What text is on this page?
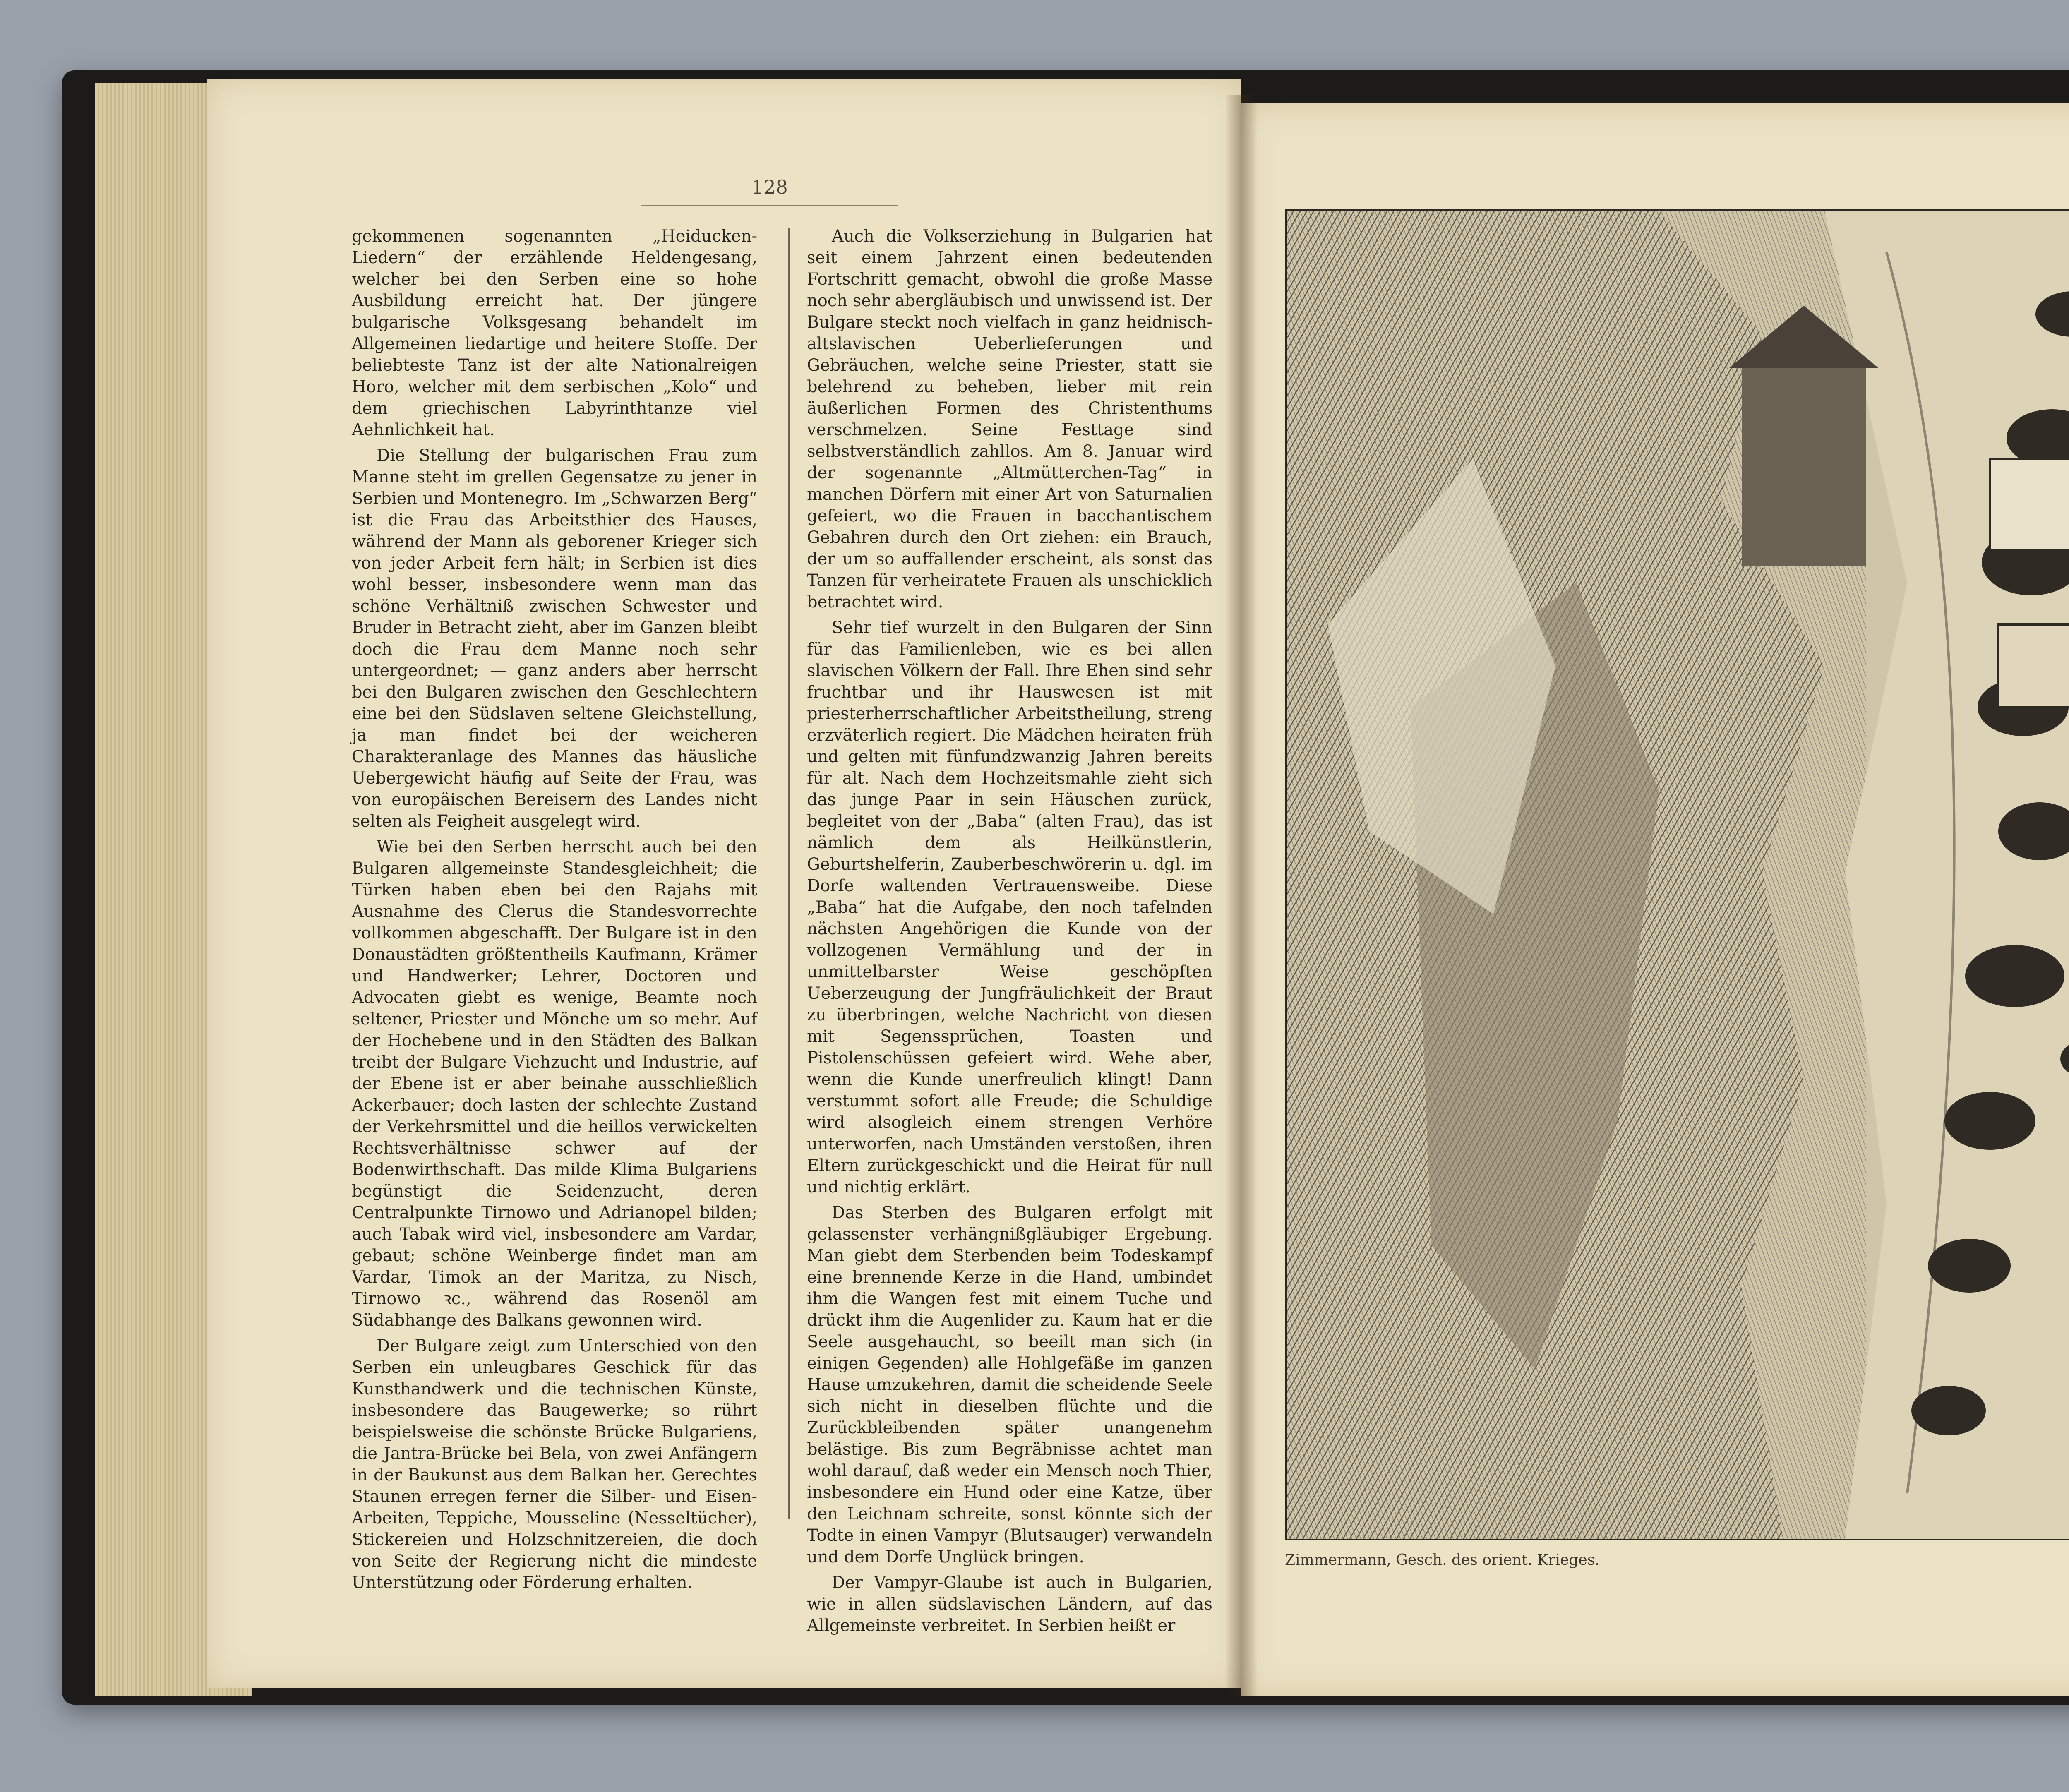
128

gekommenen sogenannten „Heiducken-Liedern“ der erzählende Heldengesang, welcher bei den Serben eine so hohe Ausbildung erreicht hat. Der jüngere bulgarische Volksgesang behandelt im Allgemeinen liedartige und heitere Stoffe. Der beliebteste Tanz ist der alte Nationalreigen Horo, welcher mit dem serbischen „Kolo“ und dem griechischen Labyrinthtanze viel Aehnlichkeit hat.

Die Stellung der bulgarischen Frau zum Manne steht im grellen Gegensatze zu jener in Serbien und Montenegro. Im „Schwarzen Berg“ ist die Frau das Arbeitsthier des Hauses, während der Mann als geborener Krieger sich von jeder Arbeit fern hält; in Serbien ist dies wohl besser, insbesondere wenn man das schöne Verhältniß zwischen Schwester und Bruder in Betracht zieht, aber im Ganzen bleibt doch die Frau dem Manne noch sehr untergeordnet; — ganz anders aber herrscht bei den Bulgaren zwischen den Geschlechtern eine bei den Südslaven seltene Gleichstellung, ja man findet bei der weicheren Charakteranlage des Mannes das häusliche Uebergewicht häufig auf Seite der Frau, was von europäischen Bereisern des Landes nicht selten als Feigheit ausgelegt wird.

Wie bei den Serben herrscht auch bei den Bulgaren allgemeinste Standesgleichheit; die Türken haben eben bei den Rajahs mit Ausnahme des Clerus die Standesvorrechte vollkommen abgeschafft. Der Bulgare ist in den Donaustädten größtentheils Kaufmann, Krämer und Handwerker; Lehrer, Doctoren und Advocaten giebt es wenige, Beamte noch seltener, Priester und Mönche um so mehr. Auf der Hochebene und in den Städten des Balkan treibt der Bulgare Viehzucht und Industrie, auf der Ebene ist er aber beinahe ausschließlich Ackerbauer; doch lasten der schlechte Zustand der Verkehrsmittel und die heillos verwickelten Rechtsverhältnisse schwer auf der Bodenwirthschaft. Das milde Klima Bulgariens begünstigt die Seidenzucht, deren Centralpunkte Tirnowo und Adrianopel bilden; auch Tabak wird viel, insbesondere am Vardar, gebaut; schöne Weinberge findet man am Vardar, Timok an der Maritza, zu Nisch, Tirnowo ꝛc., während das Rosenöl am Südabhange des Balkans gewonnen wird.

Der Bulgare zeigt zum Unterschied von den Serben ein unleugbares Geschick für das Kunsthandwerk und die technischen Künste, insbesondere das Baugewerke; so rührt beispielsweise die schönste Brücke Bulgariens, die Jantra-Brücke bei Bela, von zwei Anfängern in der Baukunst aus dem Balkan her. Gerechtes Staunen erregen ferner die Silber- und Eisen-Arbeiten, Teppiche, Mousseline (Nesseltücher), Stickereien und Holzschnitzereien, die doch von Seite der Regierung nicht die mindeste Unterstützung oder Förderung erhalten.

Auch die Volkserziehung in Bulgarien hat seit einem Jahrzent einen bedeutenden Fortschritt gemacht, obwohl die große Masse noch sehr abergläubisch und unwissend ist. Der Bulgare steckt noch vielfach in ganz heidnisch-altslavischen Ueberlieferungen und Gebräuchen, welche seine Priester, statt sie belehrend zu beheben, lieber mit rein äußerlichen Formen des Christenthums verschmelzen. Seine Festtage sind selbstverständlich zahllos. Am 8. Januar wird der sogenannte „Altmütterchen-Tag“ in manchen Dörfern mit einer Art von Saturnalien gefeiert, wo die Frauen in bacchantischem Gebahren durch den Ort ziehen: ein Brauch, der um so auffallender erscheint, als sonst das Tanzen für verheiratete Frauen als unschicklich betrachtet wird.

Sehr tief wurzelt in den Bulgaren der Sinn für das Familienleben, wie es bei allen slavischen Völkern der Fall. Ihre Ehen sind sehr fruchtbar und ihr Hauswesen ist mit priesterherrschaftlicher Arbeitstheilung, streng erzväterlich regiert. Die Mädchen heiraten früh und gelten mit fünfundzwanzig Jahren bereits für alt. Nach dem Hochzeitsmahle zieht sich das junge Paar in sein Häuschen zurück, begleitet von der „Baba“ (alten Frau), das ist nämlich dem als Heilkünstlerin, Geburtshelferin, Zauberbeschwörerin u. dgl. im Dorfe waltenden Vertrauensweibe. Diese „Baba“ hat die Aufgabe, den noch tafelnden nächsten Angehörigen die Kunde von der vollzogenen Vermählung und der in unmittelbarster Weise geschöpften Ueberzeugung der Jungfräulichkeit der Braut zu überbringen, welche Nachricht von diesen mit Segenssprüchen, Toasten und Pistolenschüssen gefeiert wird. Wehe aber, wenn die Kunde unerfreulich klingt! Dann verstummt sofort alle Freude; die Schuldige wird alsogleich einem strengen Verhöre unterworfen, nach Umständen verstoßen, ihren Eltern zurückgeschickt und die Heirat für null und nichtig erklärt.

Das Sterben des Bulgaren erfolgt mit gelassenster verhängnißgläubiger Ergebung. Man giebt dem Sterbenden beim Todeskampf eine brennende Kerze in die Hand, umbindet ihm die Wangen fest mit einem Tuche und drückt ihm die Augenlider zu. Kaum hat er die Seele ausgehaucht, so beeilt man sich (in einigen Gegenden) alle Hohlgefäße im ganzen Hause umzukehren, damit die scheidende Seele sich nicht in dieselben flüchte und die Zurückbleibenden später unangenehm belästige. Bis zum Begräbnisse achtet man wohl darauf, daß weder ein Mensch noch Thier, insbesondere ein Hund oder eine Katze, über den Leichnam schreite, sonst könnte sich der Todte in einen Vampyr (Blutsauger) verwandeln und dem Dorfe Unglück bringen.

Der Vampyr-Glaube ist auch in Bulgarien, wie in allen südslavischen Ländern, auf das Allgemeinste verbreitet. In Serbien heißt er

Zimmermann, Gesch. des orient. Krieges.
